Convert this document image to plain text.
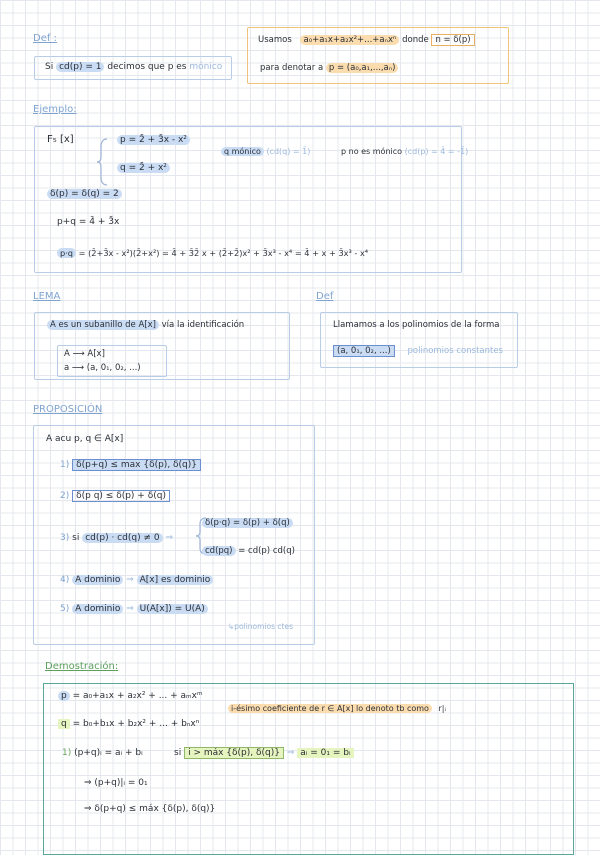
Def :
Si cd(p) = 1 decimos que p es mónico
Usamos a₀+a₁x+a₂x²+...+aₙxⁿ donde n = δ(p)
para denotar a p = (a₀,a₁,...,aₙ)
Ejemplo:
F₅ [x]	p = 2̄ + 3̄x - x²
q = 2̄ + x²
q mónico (cd(q) = 1̄)	p no es mónico (cd(p) = 4̄ = -1̄)
δ(p) = δ(q) = 2
p+q = 4̄ + 3̄x
p·q = (2̄+3̄x - x²)(2̄+x²) = 4̄ + 3̄2̄ x + (2̄+2̄)x² + 3̄x³ - x⁴ = 4̄ + x + 3̄x³ - x⁴
LEMA
A es un subanillo de A[x] vía la identificación
A ⟶ A[x]
a ⟶ (a, 0₁, 0₂, ...)
Def
Llamamos a los polinomios de la forma
(a, 0₁, 0₂, ...) polinomios constantes
PROPOSICIÓN
A acu p, q ∈ A[x]
1) δ(p+q) ≤ max {δ(p), δ(q)}
2) δ(p q) ≤ δ(p) + δ(q)
3) si cd(p) · cd(q) ≠ 0 ⇒
δ(p·q) = δ(p) + δ(q)
cd(pq) = cd(p) cd(q)
4) A dominio ⇒ A[x] es dominio
5) A dominio ⇒ U(A[x]) = U(A)
↳polinomios ctes
Demostración:
p = a₀+a₁x + a₂x² + ... + aₘxᵐ
q = b₀+b₁x + b₂x² + ... + bₙxⁿ
i-ésimo coeficiente de r ∈ A[x] lo denoto tb como r|ᵢ
1) (p+q)ᵢ = aᵢ + bᵢ	si i > máx {δ(p), δ(q)} ⇒ aᵢ = 0₁ = bᵢ
⇒ (p+q)|ᵢ = 0₁
⇒ δ(p+q) ≤ máx {δ(p), δ(q)}
